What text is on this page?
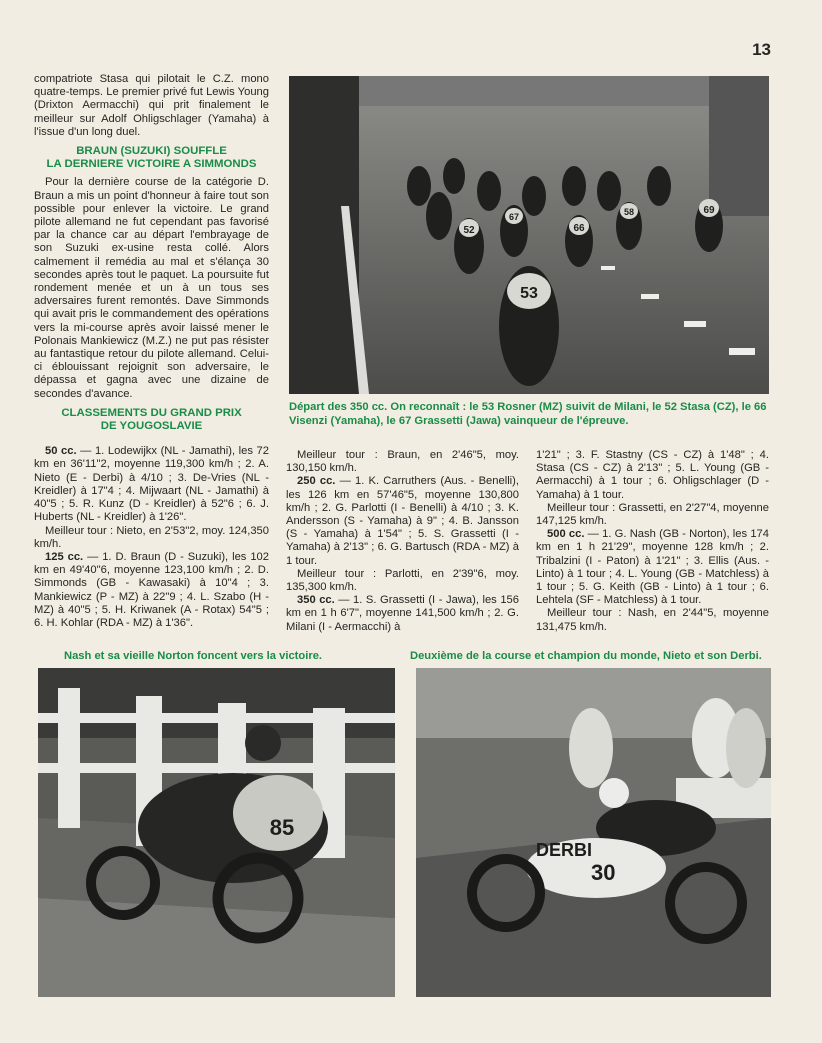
13

compatriote Stasa qui pilotait le C.Z. mono quatre-temps. Le premier privé fut Lewis Young (Drixton Aermacchi) qui prit finalement le meilleur sur Adolf Ohligschlager (Yamaha) à l'issue d'un long duel.

BRAUN (SUZUKI) SOUFFLE
LA DERNIERE VICTOIRE A SIMMONDS

Pour la dernière course de la catégorie D. Braun a mis un point d'honneur à faire tout son possible pour enlever la victoire. Le grand pilote allemand ne fut cependant pas favorisé par la chance car au départ l'embrayage de son Suzuki ex-usine resta collé. Alors calmement il remédia au mal et s'élança 30 secondes après tout le paquet. La poursuite fut rondement menée et un à un tous ses adversaires furent remontés. Dave Simmonds qui avait pris le commandement des opérations vers la mi-course après avoir laissé mener le Polonais Mankiewicz (M.Z.) ne put pas résister au fantastique retour du pilote allemand. Celui-ci éblouissant rejoignit son adversaire, le dépassa et gagna avec une dizaine de secondes d'avance.

CLASSEMENTS DU GRAND PRIX
DE YOUGOSLAVIE

50 cc. — 1. Lodewijkx (NL - Jamathi), les 72 km en 36'11"2, moyenne 119,300 km/h ; 2. A. Nieto (E - Derbi) à 4/10 ; 3. De-Vries (NL - Kreidler) à 17"4 ; 4. Mijwaart (NL - Jamathi) à 40"5 ; 5. R. Kunz (D - Kreidler) à 52"6 ; 6. J. Huberts (NL - Kreidler) à 1'26".

Meilleur tour : Nieto, en 2'53"2, moy. 124,350 km/h.

125 cc. — 1. D. Braun (D - Suzuki), les 102 km en 49'40"6, moyenne 123,100 km/h ; 2. D. Simmonds (GB - Kawasaki) à 10"4 ; 3. Mankiewicz (P - MZ) à 22"9 ; 4. L. Szabo (H - MZ) à 40"5 ; 5. H. Kriwanek (A - Rotax) 54"5 ; 6. H. Kohlar (RDA - MZ) à 1'36".

53
52	66
67
69
58
Départ des 350 cc. On reconnaît : le 53 Rosner (MZ) suivit de Milani, le 52 Stasa (CZ), le 66 Visenzi (Yamaha), le 67 Grassetti (Jawa) vainqueur de l'épreuve.

Meilleur tour : Braun, en 2'46"5, moy. 130,150 km/h.

250 cc. — 1. K. Carruthers (Aus. - Benelli), les 126 km en 57'46"5, moyenne 130,800 km/h ; 2. G. Parlotti (I - Benelli) à 4/10 ; 3. K. Andersson (S - Yamaha) à 9" ; 4. B. Jansson (S - Yamaha) à 1'54" ; 5. S. Grassetti (I - Yamaha) à 2'13" ; 6. G. Bartusch (RDA - MZ) à 1 tour.

Meilleur tour : Parlotti, en 2'39"6, moy. 135,300 km/h.

350 cc. — 1. S. Grassetti (I - Jawa), les 156 km en 1 h 6'7", moyenne 141,500 km/h ; 2. G. Milani (I - Aermacchi) à

1'21" ; 3. F. Stastny (CS - CZ) à 1'48" ; 4. Stasa (CS - CZ) à 2'13" ; 5. L. Young (GB - Aermacchi) à 1 tour ; 6. Ohligschlager (D - Yamaha) à 1 tour.

Meilleur tour : Grassetti, en 2'27"4, moyenne 147,125 km/h.

500 cc. — 1. G. Nash (GB - Norton), les 174 km en 1 h 21'29", moyenne 128 km/h ; 2. Tribalzini (I - Paton) à 1'21" ; 3. Ellis (Aus. - Linto) à 1 tour ; 4. L. Young (GB - Matchless) à 1 tour ; 5. G. Keith (GB - Linto) à 1 tour ; 6. Lehtela (SF - Matchless) à 1 tour.

Meilleur tour : Nash, en 2'44"5, moyenne 131,475 km/h.

Nash et sa vieille Norton foncent vers la victoire.	Deuxième de la course et champion du monde, Nieto et son Derbi.
85
DERBI
30
